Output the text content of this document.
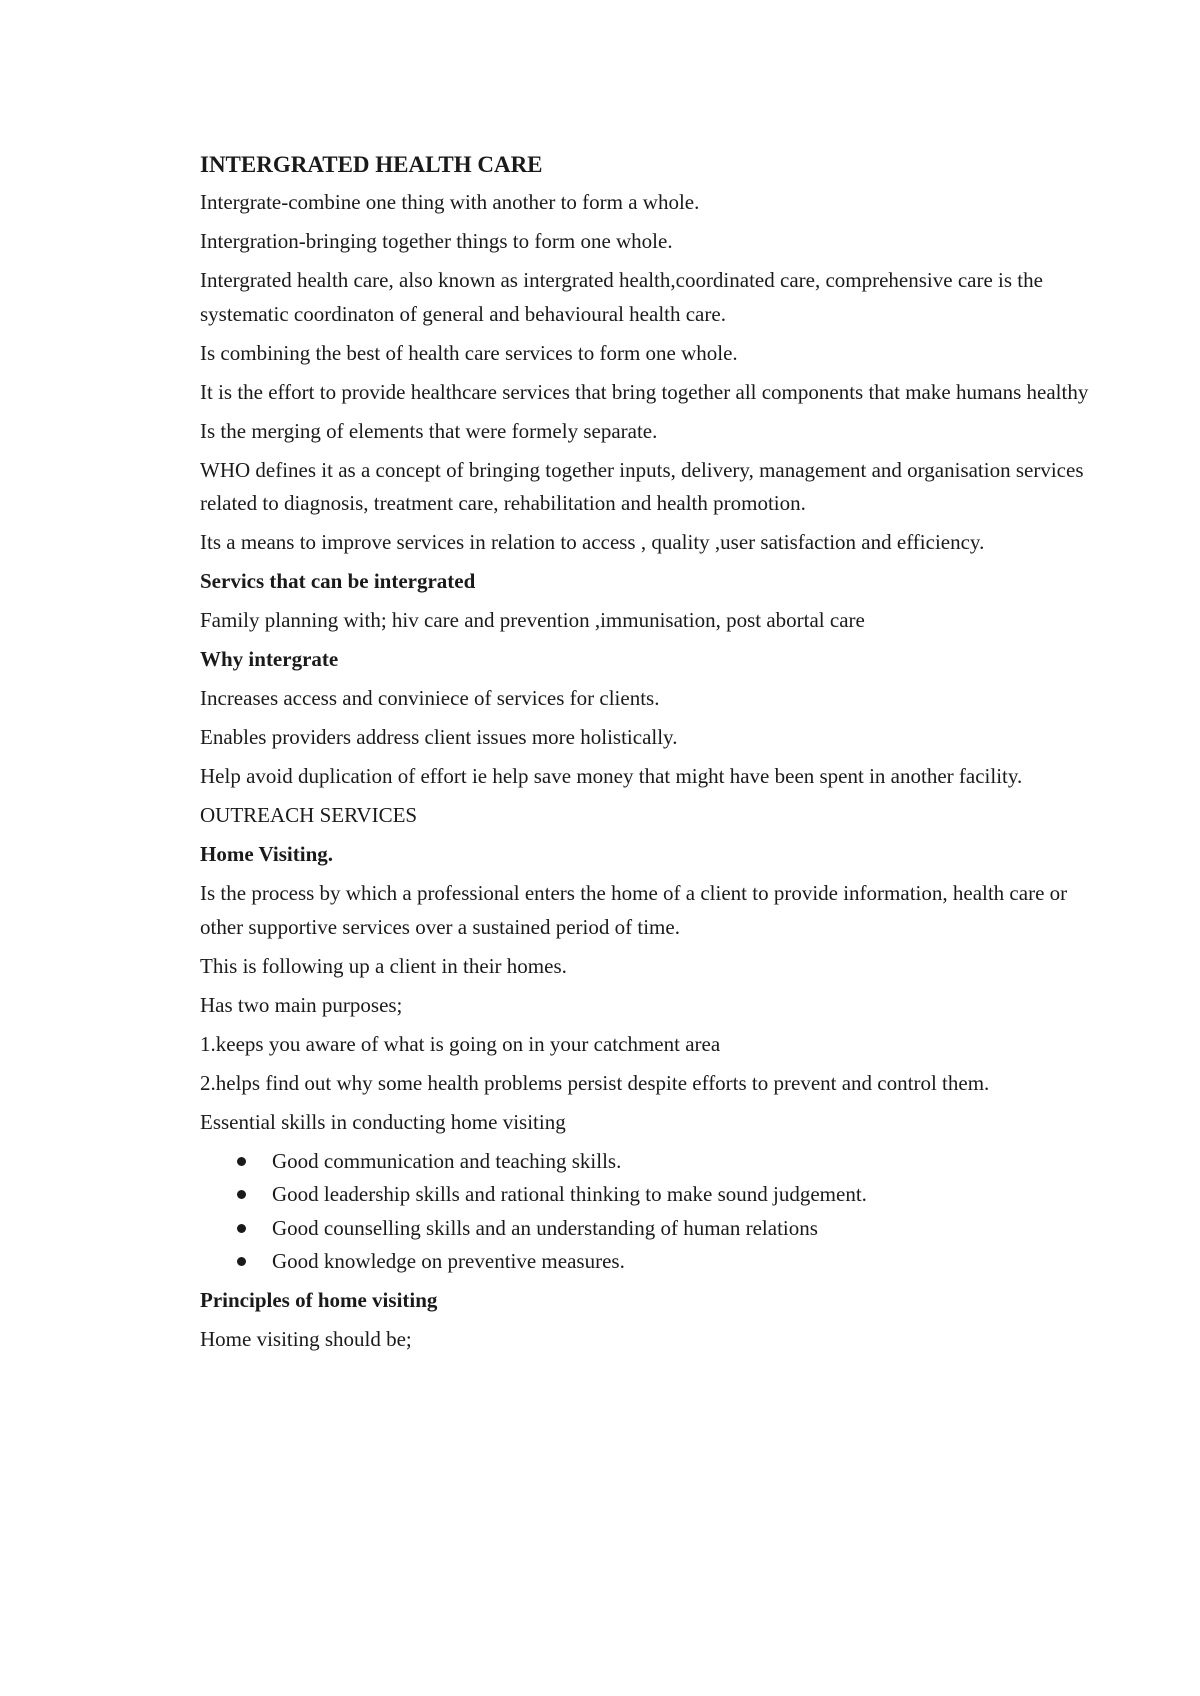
INTERGRATED HEALTH CARE

Intergrate-combine one thing with another to form a whole.

Intergration-bringing together things to form one whole.

Intergrated health care, also known as intergrated health,coordinated care, comprehensive care is the systematic coordinaton of general and behavioural health care.

Is combining the best of health care services to form one whole.

It is the effort to provide healthcare services that bring together all components that make humans healthy

Is the merging of elements that were formely separate.

WHO defines it as a concept of bringing together inputs, delivery, management and organisation services related to diagnosis, treatment care, rehabilitation and health promotion.

Its a means to improve services in relation to access , quality ,user satisfaction and efficiency.

Servics that can be intergrated

Family planning with; hiv care and prevention ,immunisation, post abortal care

Why intergrate

Increases access and conviniece of services for clients.

Enables providers address client issues more holistically.

Help avoid duplication of effort ie help save money that might have been spent in another facility.

OUTREACH SERVICES

Home Visiting.

Is the process by which a professional enters the home of a client to provide information, health care or other supportive services over a sustained period of time.

This is following up a client in their homes.

Has two main purposes;

1.keeps you aware of what is going on in your catchment area

2.helps find out why some health problems persist despite efforts to prevent and control them.

Essential skills in conducting home visiting

Good communication and teaching skills.
Good leadership skills and rational thinking to make sound judgement.
Good counselling skills and an understanding of human relations
Good knowledge on preventive measures.

Principles of home visiting

Home visiting should be;
